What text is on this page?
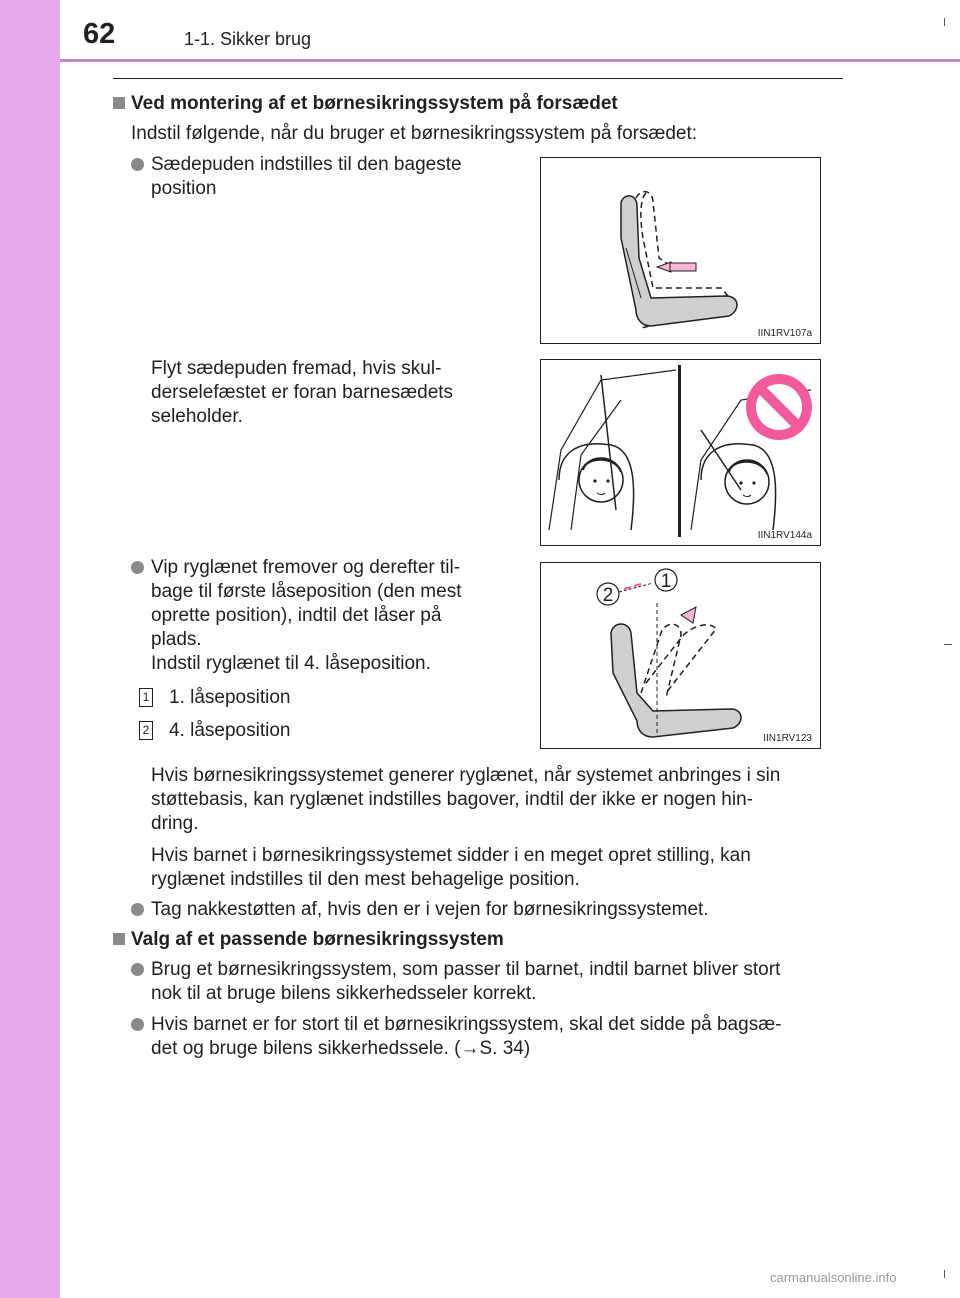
62	1-1. Sikker brug
Ved montering af et børnesikringssystem på forsædet
Indstil følgende, når du bruger et børnesikringssystem på forsædet:
Sædepuden indstilles til den bageste
position
IIN1RV107a
Flyt sædepuden fremad, hvis skul-
derselefæstet er foran barnesædets
seleholder.
IIN1RV144a
Vip ryglænet fremover og derefter til-
bage til første låseposition (den mest
oprette position), indtil det låser på
plads.
Indstil ryglænet til 4. låseposition.
1 1. låseposition
2 4. låseposition
2
1
IIN1RV123
Hvis børnesikringssystemet generer ryglænet, når systemet anbringes i sin
støttebasis, kan ryglænet indstilles bagover, indtil der ikke er nogen hin-
dring.
Hvis barnet i børnesikringssystemet sidder i en meget opret stilling, kan
ryglænet indstilles til den mest behagelige position.
Tag nakkestøtten af, hvis den er i vejen for børnesikringssystemet.
Valg af et passende børnesikringssystem
Brug et børnesikringssystem, som passer til barnet, indtil barnet bliver stort
nok til at bruge bilens sikkerhedsseler korrekt.
Hvis barnet er for stort til et børnesikringssystem, skal det sidde på bagsæ-
det og bruge bilens sikkerhedssele. (→S. 34)
carmanualsonline.info
